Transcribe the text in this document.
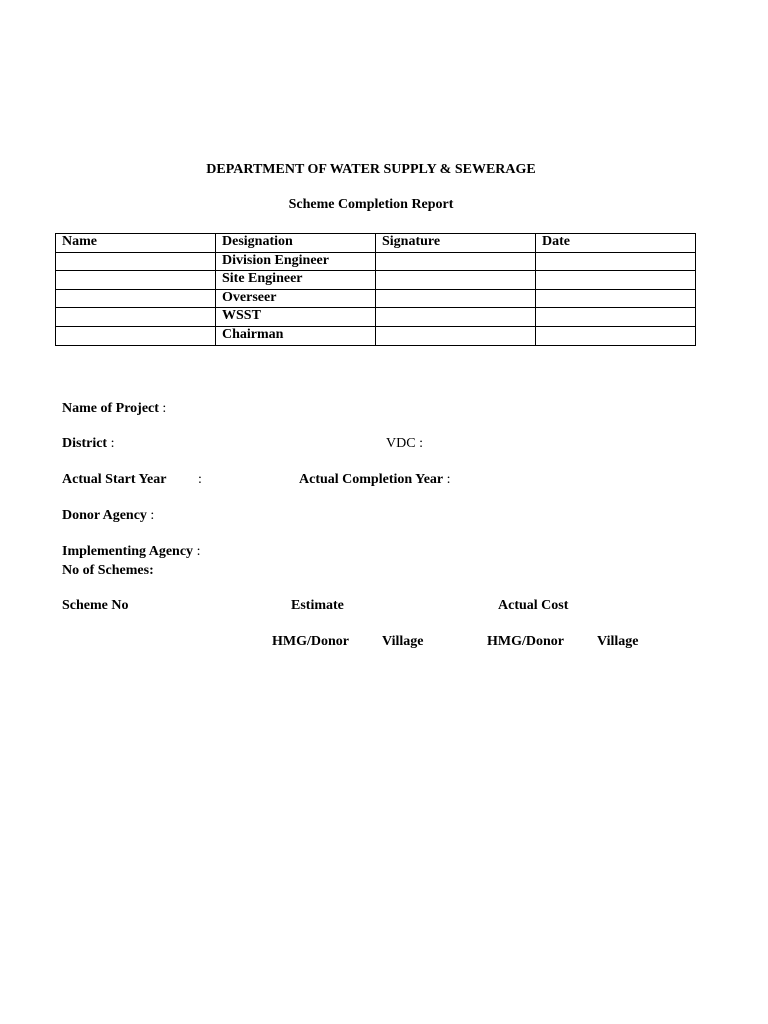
DEPARTMENT OF WATER SUPPLY & SEWERAGE
Scheme Completion Report
Name	Designation	Signature	Date
	Division Engineer		
	Site Engineer		
	Overseer		
	WSST		
	Chairman		
Name of Project :
District :	VDC :
Actual Start Year :	Actual Completion Year :
Donor Agency :
Implementing Agency :
No of Schemes:
Scheme No	Estimate	Actual Cost
HMG/Donor Village	HMG/Donor Village
